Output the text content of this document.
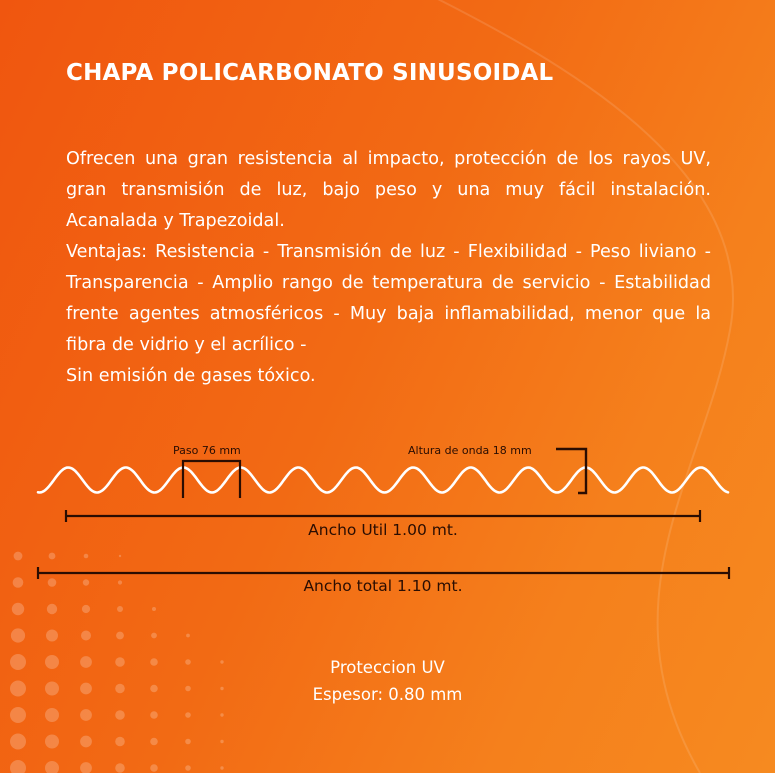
CHAPA POLICARBONATO SINUSOIDAL

Ofrecen una gran resistencia al impacto, protección de los rayos UV, gran transmisión de luz, bajo peso y una muy fácil instalación. Acanalada y Trapezoidal.

Ventajas: Resistencia - Transmisión de luz - Flexibilidad - Peso liviano - Transparencia - Amplio rango de temperatura de servicio - Estabilidad frente agentes atmosféricos - Muy baja inflamabilidad, menor que la fibra de vidrio y el acrílico -

Sin emisión de gases tóxico.

Paso 76 mm	Altura de onda 18 mm
Ancho Util 1.00 mt.
Ancho total 1.10 mt.
Proteccion UV
Espesor: 0.80 mm
